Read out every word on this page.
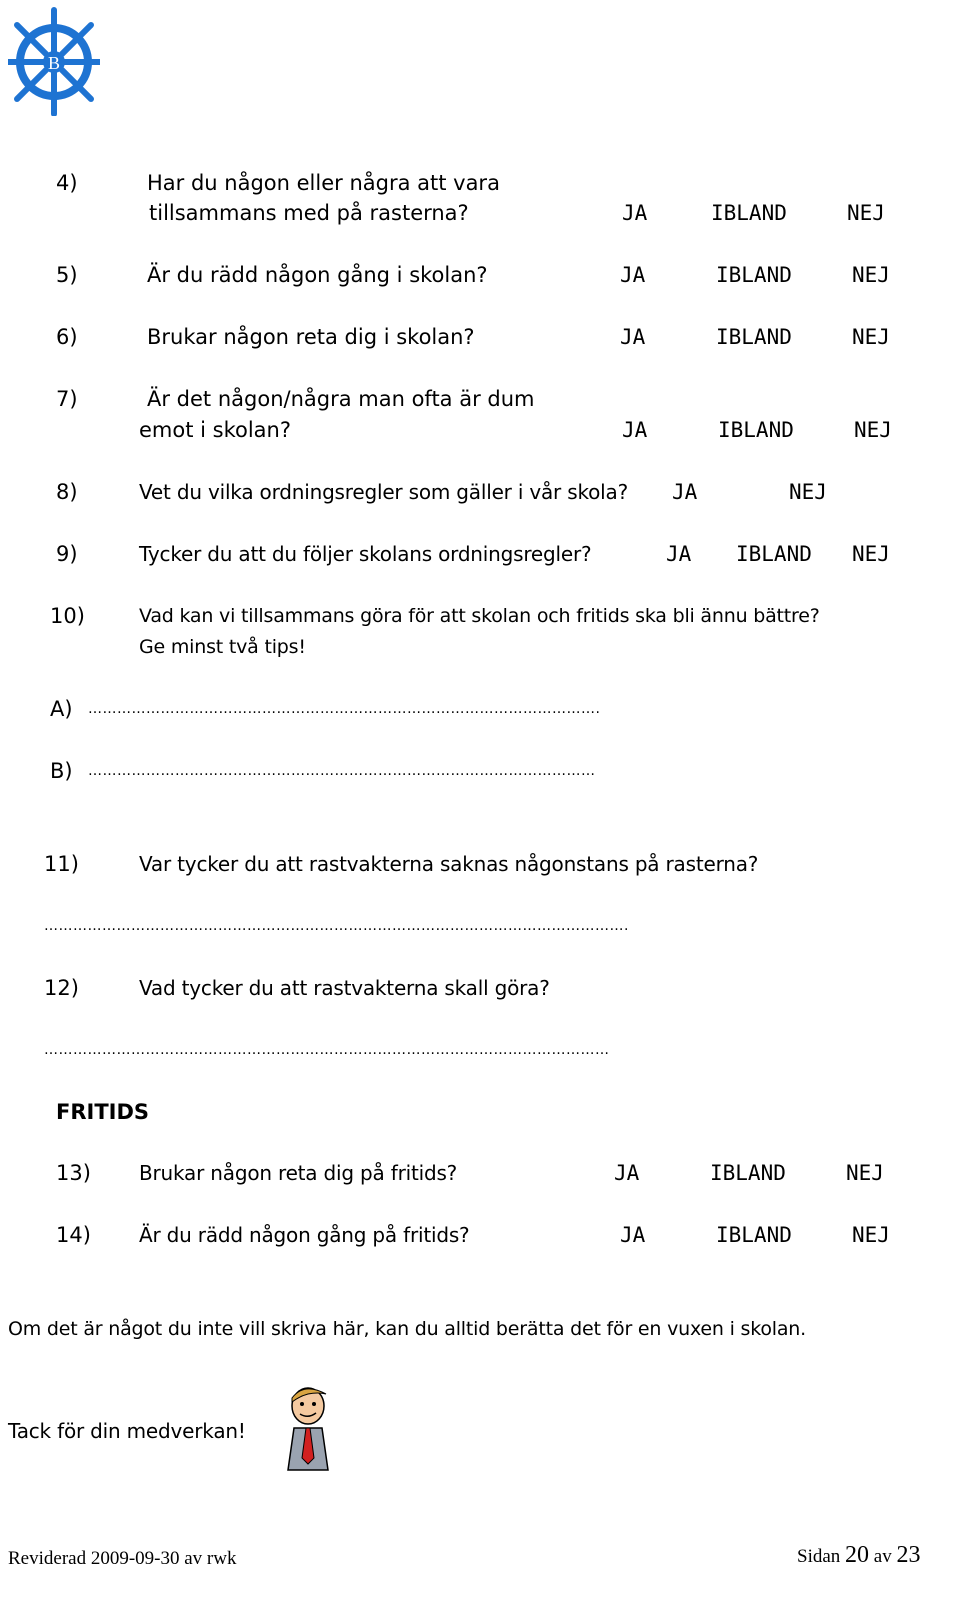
B
4)	Har du någon eller några att vara
tillsammans med på rasterna?	JA	IBLAND	NEJ
5)	Är du rädd någon gång i skolan?	JA	IBLAND	NEJ
6)	Brukar någon reta dig i skolan?	JA	IBLAND	NEJ
7)	Är det någon/några man ofta är dum
emot i skolan?	JA	IBLAND	NEJ
8)	Vet du vilka ordningsregler som gäller i vår skola? JA	NEJ
9)	Tycker du att du följer skolans ordningsregler?	JA IBLAND NEJ
10)	Vad kan vi tillsammans göra för att skolan och fritids ska bli ännu bättre?
Ge minst två tips!
A) …………………………………………………………………………………………….
B) ……………………………………………………………………………………………
11)	Var tycker du att rastvakterna saknas någonstans på rasterna?
………………………………………………………………………………………………………….
12)	Vad tycker du att rastvakterna skall göra?
………………………………………………………………………………………………………
FRITIDS
13) Brukar någon reta dig på fritids?	JA	IBLAND	NEJ
14) Är du rädd någon gång på fritids?	JA	IBLAND	NEJ
Om det är något du inte vill skriva här, kan du alltid berätta det för en vuxen i skolan.
Tack för din medverkan!
Reviderad 2009-09-30 av rwk	Sidan 20 av 23
